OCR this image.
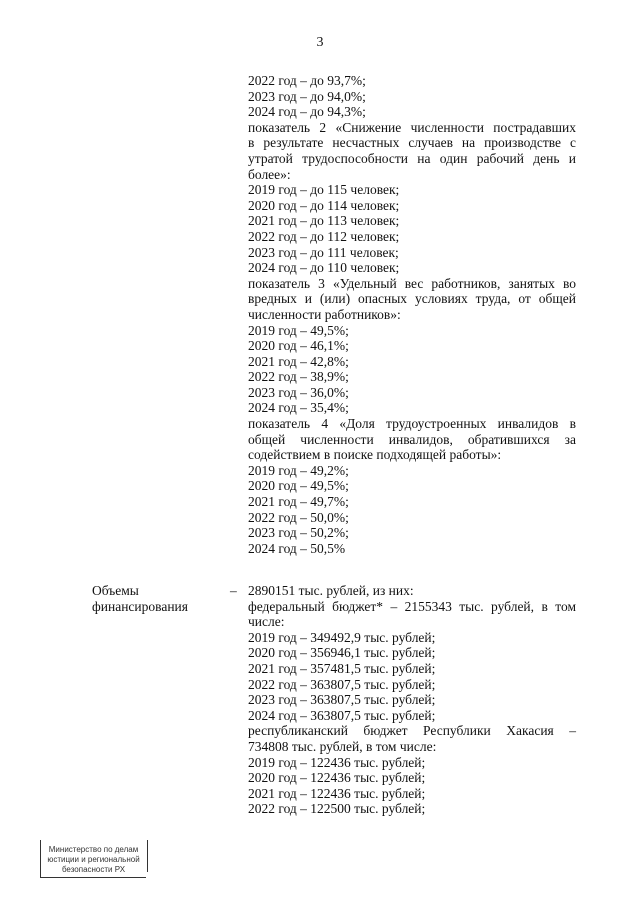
3
2022 год – до 93,7%;
2023 год – до 94,0%;
2024 год – до 94,3%;
показатель 2 «Снижение численности пострадавших
в результате несчастных случаев на производстве с
утратой трудоспособности на один рабочий день и
более»:
2019 год – до 115 человек;
2020 год – до 114 человек;
2021 год – до 113 человек;
2022 год – до 112 человек;
2023 год – до 111 человек;
2024 год – до 110 человек;
показатель 3 «Удельный вес работников, занятых во
вредных и (или) опасных условиях труда, от общей
численности работников»:
2019 год – 49,5%;
2020 год – 46,1%;
2021 год – 42,8%;
2022 год – 38,9%;
2023 год – 36,0%;
2024 год – 35,4%;
показатель 4 «Доля трудоустроенных инвалидов в
общей численности инвалидов, обратившихся за
содействием в поиске подходящей работы»:
2019 год – 49,2%;
2020 год – 49,5%;
2021 год – 49,7%;
2022 год – 50,0%;
2023 год – 50,2%;
2024 год – 50,5%
Объемы
финансирования
– 2890151 тыс. рублей, из них:
федеральный бюджет* – 2155343 тыс. рублей, в том
числе:
2019 год – 349492,9 тыс. рублей;
2020 год – 356946,1 тыс. рублей;
2021 год – 357481,5 тыс. рублей;
2022 год – 363807,5 тыс. рублей;
2023 год – 363807,5 тыс. рублей;
2024 год – 363807,5 тыс. рублей;
республиканский бюджет Республики Хакасия –
734808 тыс. рублей, в том числе:
2019 год – 122436 тыс. рублей;
2020 год – 122436 тыс. рублей;
2021 год – 122436 тыс. рублей;
2022 год – 122500 тыс. рублей;
Министерство по делам
юстиции и региональной
безопасности РХ
